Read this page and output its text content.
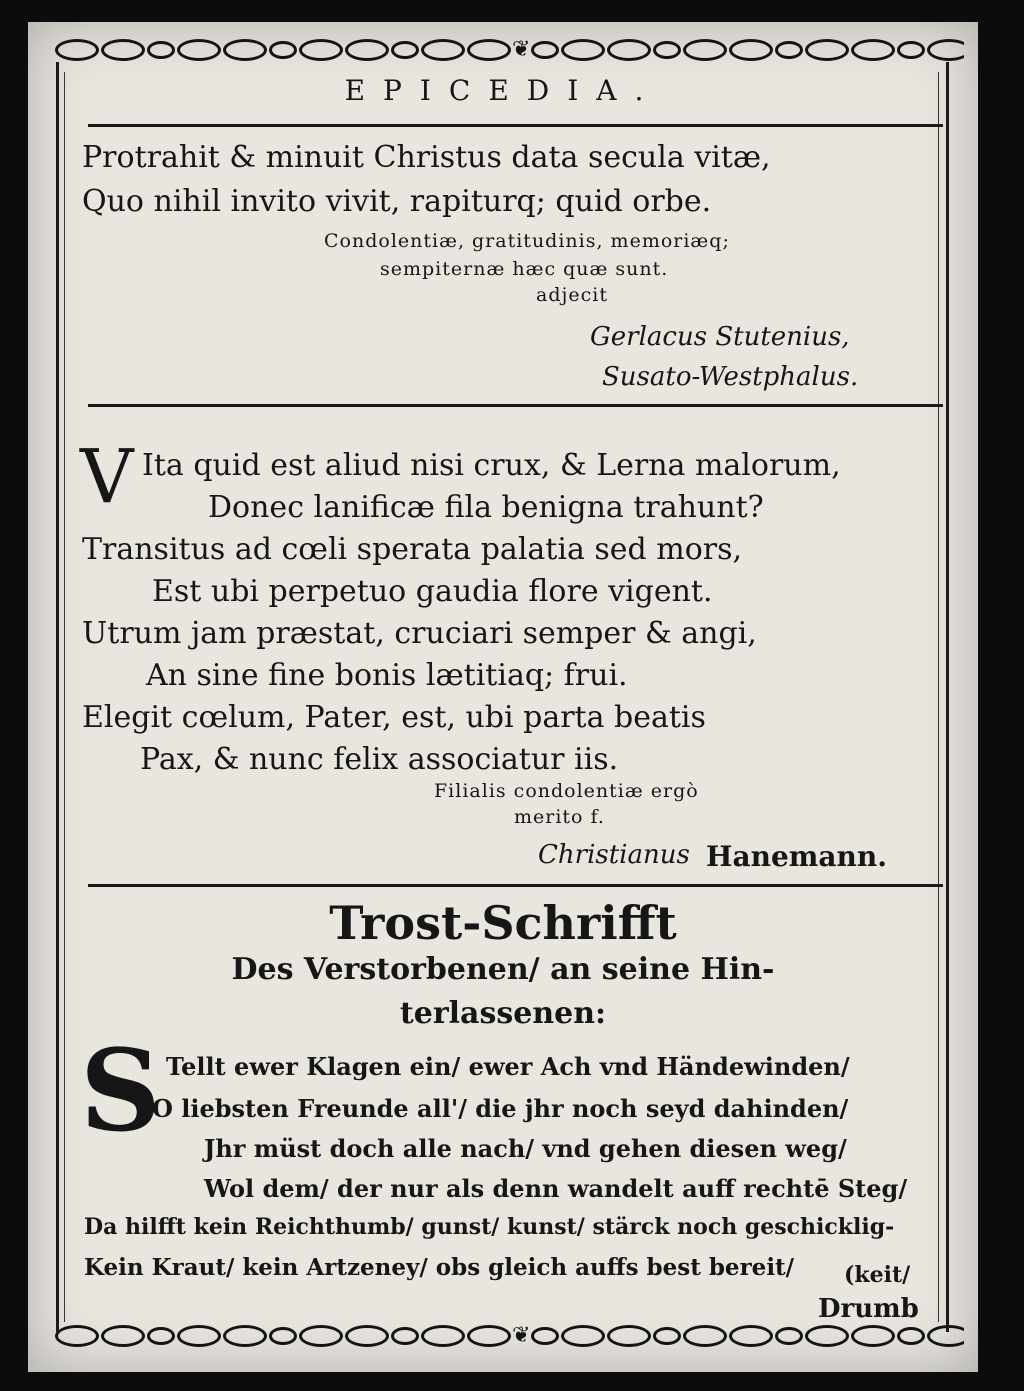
❦
❦
EPICEDIA.
Protrahit & minuit Christus data secula vitæ,
Quo nihil invito vivit, rapiturq; quid orbe.
Condolentiæ, gratitudinis, memoriæq;
sempiternæ hæc quæ sunt.
adjecit
Gerlacus Stutenius,
Susato-Westphalus.
V Ita quid est aliud nisi crux, & Lerna malorum,
Donec lanificæ fila benigna trahunt?
Transitus ad cœli sperata palatia sed mors,
Est ubi perpetuo gaudia flore vigent.
Utrum jam præstat, cruciari semper & angi,
An sine fine bonis lætitiaq; frui.
Elegit cœlum, Pater, est, ubi parta beatis
Pax, & nunc felix associatur iis.
Filialis condolentiæ ergò
merito f.
Christianus Hanemann.
Trost-Schrifft
Des Verstorbenen/ an seine Hin-
terlassenen:
S Tellt ewer Klagen ein/ ewer Ach vnd Händewinden/
O liebsten Freunde all'/ die jhr noch seyd dahinden/
Jhr müst doch alle nach/ vnd gehen diesen weg/
Wol dem/ der nur als denn wandelt auff rechtē Steg/
Da hilfft kein Reichthumb/ gunst/ kunst/ stärck noch geschicklig-
Kein Kraut/ kein Artzeney/ obs gleich auffs best bereit/ (keit/
Drumb
